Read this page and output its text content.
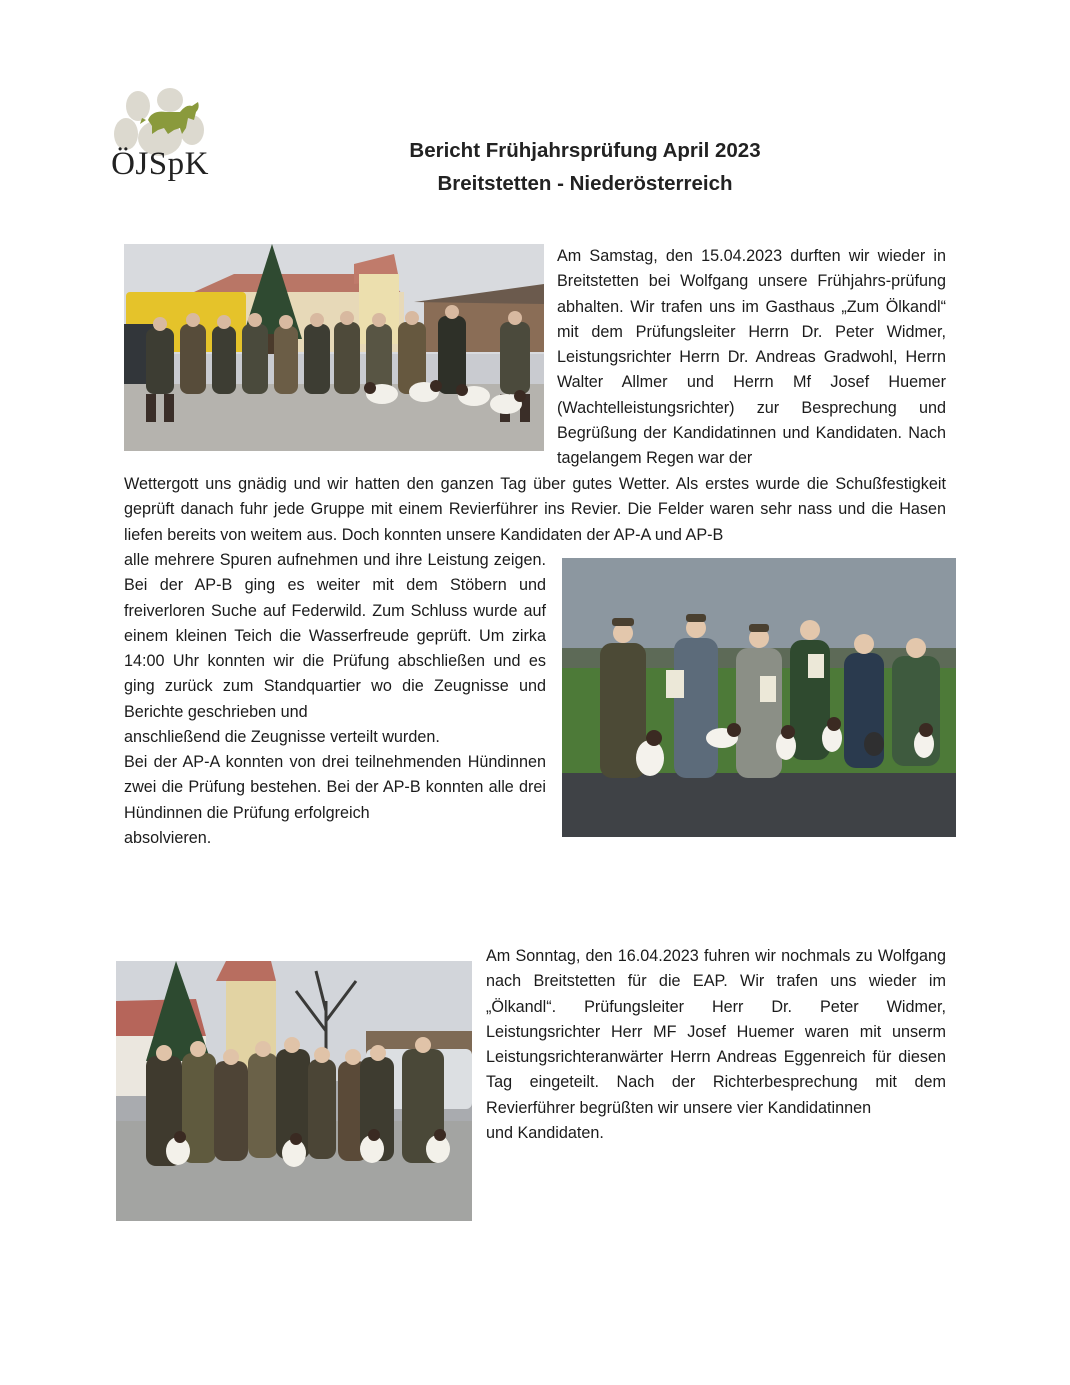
ÖJSpK	Bericht Frühjahrsprüfung April 2023
Breitstetten - Niederösterreich

Am Samstag, den 15.04.2023 durften wir wieder in Breitstetten bei Wolfgang unsere Frühjahrs-prüfung abhalten. Wir trafen uns im Gasthaus „Zum Ölkandl“ mit dem Prüfungsleiter Herrn Dr. Peter Widmer, Leistungsrichter Herrn Dr. Andreas Gradwohl, Herrn Walter Allmer und Herrn Mf Josef Huemer (Wachtelleistungsrichter) zur Besprechung und Begrüßung der Kandidatinnen und Kandidaten. Nach tagelangem Regen war der

Wettergott uns gnädig und wir hatten den ganzen Tag über gutes Wetter. Als erstes wurde die Schußfestigkeit geprüft danach fuhr jede Gruppe mit einem Revierführer ins Revier. Die Felder waren sehr nass und die Hasen liefen bereits von weitem aus. Doch konnten unsere Kandidaten der AP-A und AP-B

alle mehrere Spuren aufnehmen und ihre Leistung zeigen. Bei der AP-B ging es weiter mit dem Stöbern und freiverloren Suche auf Federwild. Zum Schluss wurde auf einem kleinen Teich die Wasserfreude geprüft. Um zirka 14:00 Uhr konnten wir die Prüfung abschließen und es ging zurück zum Standquartier wo die Zeugnisse und Berichte geschrieben und
anschließend die Zeugnisse verteilt wurden.
Bei der AP-A konnten von drei teilnehmenden Hündinnen zwei die Prüfung bestehen. Bei der AP-B konnten alle drei Hündinnen die Prüfung erfolgreich
absolvieren.
Am Sonntag, den 16.04.2023 fuhren wir nochmals zu Wolfgang nach Breitstetten für die EAP. Wir trafen uns wieder im „Ölkandl“. Prüfungsleiter Herr Dr. Peter Widmer, Leistungsrichter Herr MF Josef Huemer waren mit unserm Leistungsrichteranwärter Herrn Andreas Eggenreich für diesen Tag eingeteilt. Nach der Richterbesprechung mit dem Revierführer begrüßten wir unsere vier Kandidatinnen
und Kandidaten.
